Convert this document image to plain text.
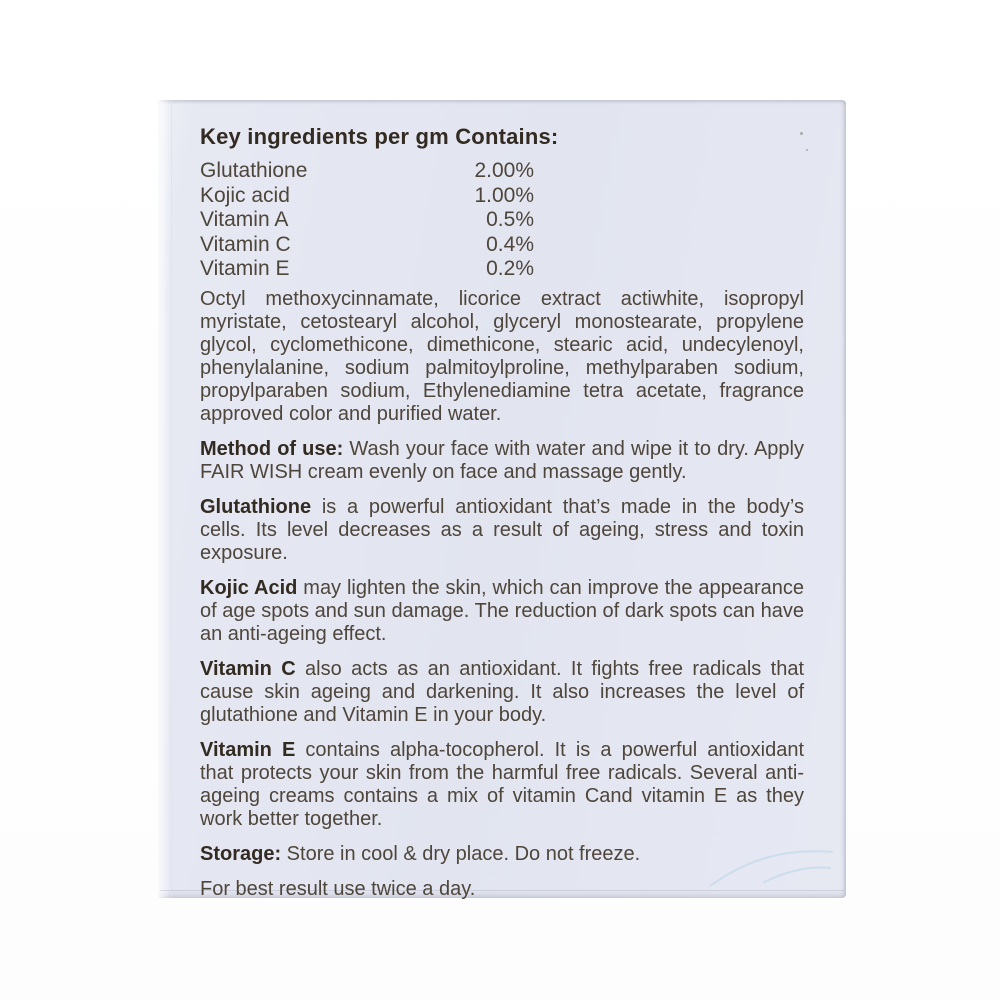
Key ingredients per gm Contains:
Glutathione	2.00%
Kojic acid	1.00%
Vitamin A	0.5%
Vitamin C	0.4%
Vitamin E	0.2%

Octyl methoxycinnamate, licorice extract actiwhite, isopropyl myristate, cetostearyl alcohol, glyceryl monostearate, propylene glycol, cyclomethicone, dimethicone, stearic acid, undecylenoyl, phenylalanine, sodium palmitoylproline, methylparaben sodium, propylparaben sodium, Ethylenediamine tetra acetate, fragrance approved color and purified water.

Method of use: Wash your face with water and wipe it to dry. Apply FAIR WISH cream evenly on face and massage gently.

Glutathione is a powerful antioxidant that’s made in the body’s cells. Its level decreases as a result of ageing, stress and toxin exposure.

Kojic Acid may lighten the skin, which can improve the appearance of age spots and sun damage. The reduction of dark spots can have an anti-ageing effect.

Vitamin C also acts as an antioxidant. It fights free radicals that cause skin ageing and darkening. It also increases the level of glutathione and Vitamin E in your body.

Vitamin E contains alpha-tocopherol. It is a powerful antioxidant that protects your skin from the harmful free radicals. Several anti-ageing creams contains a mix of vitamin Cand vitamin E as they work better together.

Storage: Store in cool & dry place. Do not freeze.

For best result use twice a day.
